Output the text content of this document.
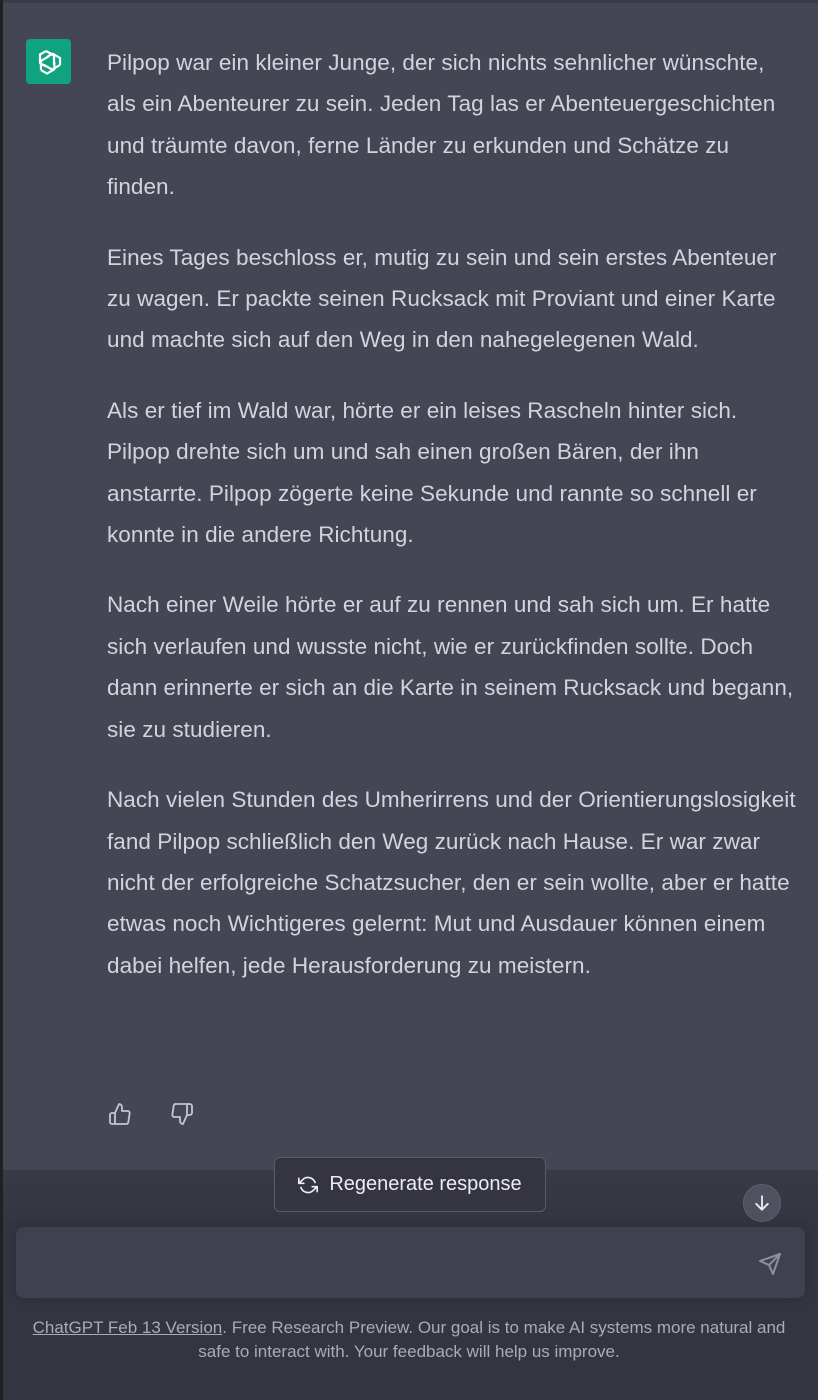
Pilpop war ein kleiner Junge, der sich nichts sehnlicher wünschte, als ein Abenteurer zu sein. Jeden Tag las er Abenteuergeschichten und träumte davon, ferne Länder zu erkunden und Schätze zu finden.

Eines Tages beschloss er, mutig zu sein und sein erstes Abenteuer zu wagen. Er packte seinen Rucksack mit Proviant und einer Karte und machte sich auf den Weg in den nahegelegenen Wald.

Als er tief im Wald war, hörte er ein leises Rascheln hinter sich. Pilpop drehte sich um und sah einen großen Bären, der ihn anstarrte. Pilpop zögerte keine Sekunde und rannte so schnell er konnte in die andere Richtung.

Nach einer Weile hörte er auf zu rennen und sah sich um. Er hatte sich verlaufen und wusste nicht, wie er zurückfinden sollte. Doch dann erinnerte er sich an die Karte in seinem Rucksack und begann, sie zu studieren.

Nach vielen Stunden des Umherirrens und der Orientierungslosigkeit fand Pilpop schließlich den Weg zurück nach Hause. Er war zwar nicht der erfolgreiche Schatzsucher, den er sein wollte, aber er hatte etwas noch Wichtigeres gelernt: Mut und Ausdauer können einem dabei helfen, jede Herausforderung zu meistern.

Regenerate response
ChatGPT Feb 13 Version. Free Research Preview. Our goal is to make AI systems more natural and safe to interact with. Your feedback will help us improve.
